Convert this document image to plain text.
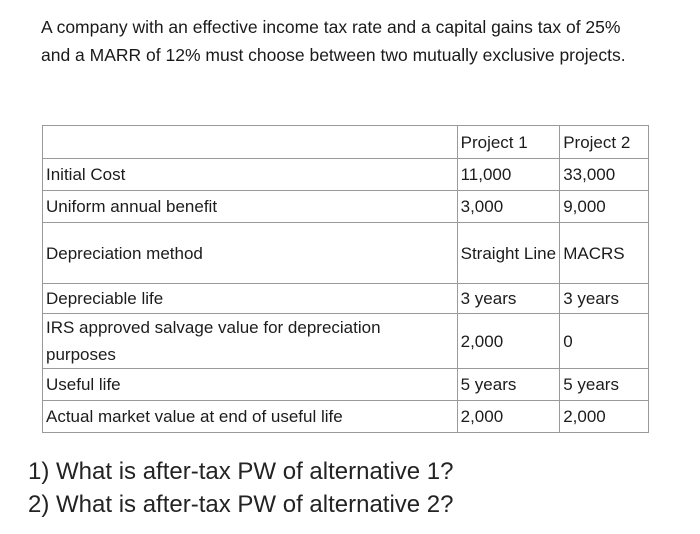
A company with an effective income tax rate and a capital gains tax of 25%

and a MARR of 12% must choose between two mutually exclusive projects.

	Project 1	Project 2
Initial Cost	11,000	33,000
Uniform annual benefit	3,000	9,000
Depreciation method	Straight Line	MACRS
Depreciable life	3 years	3 years
IRS approved salvage value for depreciation purposes	2,000	0
Useful life	5 years	5 years
Actual market value at end of useful life	2,000	2,000

1) What is after-tax PW of alternative 1?

2) What is after-tax PW of alternative 2?
